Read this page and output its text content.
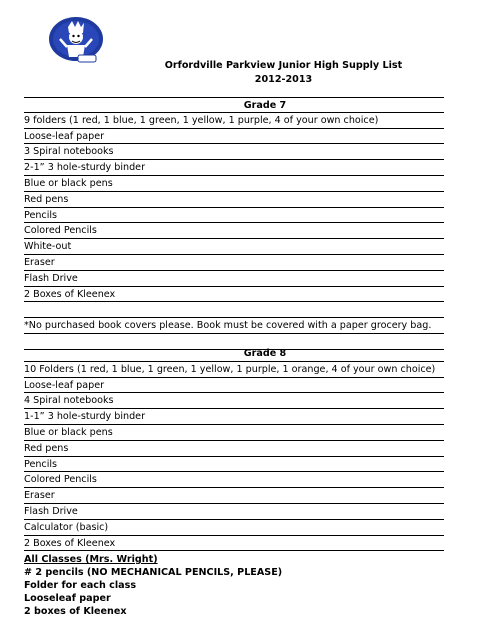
Orfordville Parkview Junior High Supply List
2012-2013
Grade 7
9 folders (1 red, 1 blue, 1 green, 1 yellow, 1 purple, 4 of your own choice)
Loose-leaf paper
3 Spiral notebooks
2-1” 3 hole-sturdy binder
Blue or black pens
Red pens
Pencils
Colored Pencils
White-out
Eraser
Flash Drive
2 Boxes of Kleenex
*No purchased book covers please. Book must be covered with a paper grocery bag.
Grade 8
10 Folders (1 red, 1 blue, 1 green, 1 yellow, 1 purple, 1 orange, 4 of your own choice)
Loose-leaf paper
4 Spiral notebooks
1-1” 3 hole-sturdy binder
Blue or black pens
Red pens
Pencils
Colored Pencils
Eraser
Flash Drive
Calculator (basic)
2 Boxes of Kleenex
All Classes (Mrs. Wright)
# 2 pencils (NO MECHANICAL PENCILS, PLEASE)
Folder for each class
Looseleaf paper
2 boxes of Kleenex
